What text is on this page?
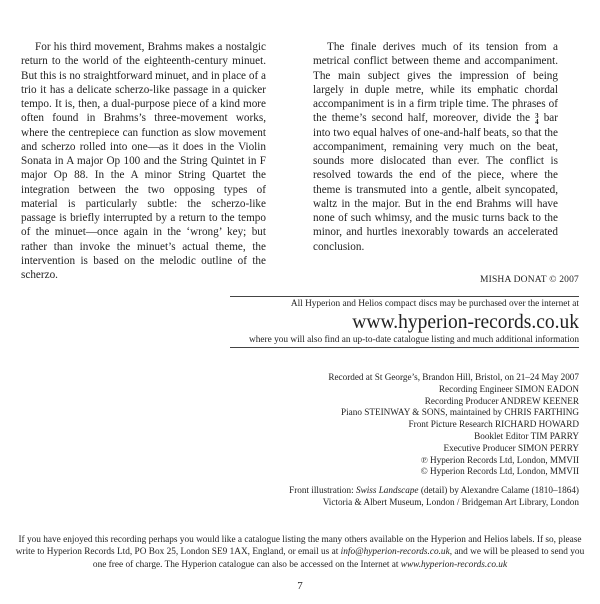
For his third movement, Brahms makes a nostalgic return to the world of the eighteenth-century minuet. But this is no straightforward minuet, and in place of a trio it has a delicate scherzo-like passage in a quicker tempo. It is, then, a dual-purpose piece of a kind more often found in Brahms’s three-movement works, where the centrepiece can function as slow movement and scherzo rolled into one—as it does in the Violin Sonata in A major Op 100 and the String Quintet in F major Op 88. In the A minor String Quartet the integration between the two opposing types of material is particularly subtle: the scherzo-like passage is briefly interrupted by a return to the tempo of the minuet—once again in the ‘wrong’ key; but rather than invoke the minuet’s actual theme, the intervention is based on the melodic outline of the scherzo.

The finale derives much of its tension from a metrical conflict between theme and accompaniment. The main subject gives the impression of being largely in duple metre, while its emphatic chordal accompaniment is in a firm triple time. The phrases of the theme’s second half, moreover, divide the 3
4 bar into two equal halves of one-and-half beats, so that the accompaniment, remaining very much on the beat, sounds more dislocated than ever. The conflict is resolved towards the end of the piece, where the theme is transmuted into a gentle, albeit syncopated, waltz in the major. But in the end Brahms will have none of such whimsy, and the music turns back to the minor, and hurtles inexorably towards an accelerated conclusion.

MISHA DONAT © 2007
All Hyperion and Helios compact discs may be purchased over the internet at
www.hyperion-records.co.uk
where you will also find an up-to-date catalogue listing and much additional information
Recorded at St George’s, Brandon Hill, Bristol, on 21–24 May 2007
Recording Engineer SIMON EADON
Recording Producer ANDREW KEENER
Piano STEINWAY & SONS, maintained by CHRIS FARTHING
Front Picture Research RICHARD HOWARD
Booklet Editor TIM PARRY
Executive Producer SIMON PERRY
℗ Hyperion Records Ltd, London, MMVII
© Hyperion Records Ltd, London, MMVII
Front illustration: Swiss Landscape (detail) by Alexandre Calame (1810–1864)
Victoria & Albert Museum, London / Bridgeman Art Library, London
If you have enjoyed this recording perhaps you would like a catalogue listing the many others available on the Hyperion and Helios labels. If so, please write to Hyperion Records Ltd, PO Box 25, London SE9 1AX, England, or email us at info@hyperion-records.co.uk, and we will be pleased to send you one free of charge. The Hyperion catalogue can also be accessed on the Internet at www.hyperion-records.co.uk
7
